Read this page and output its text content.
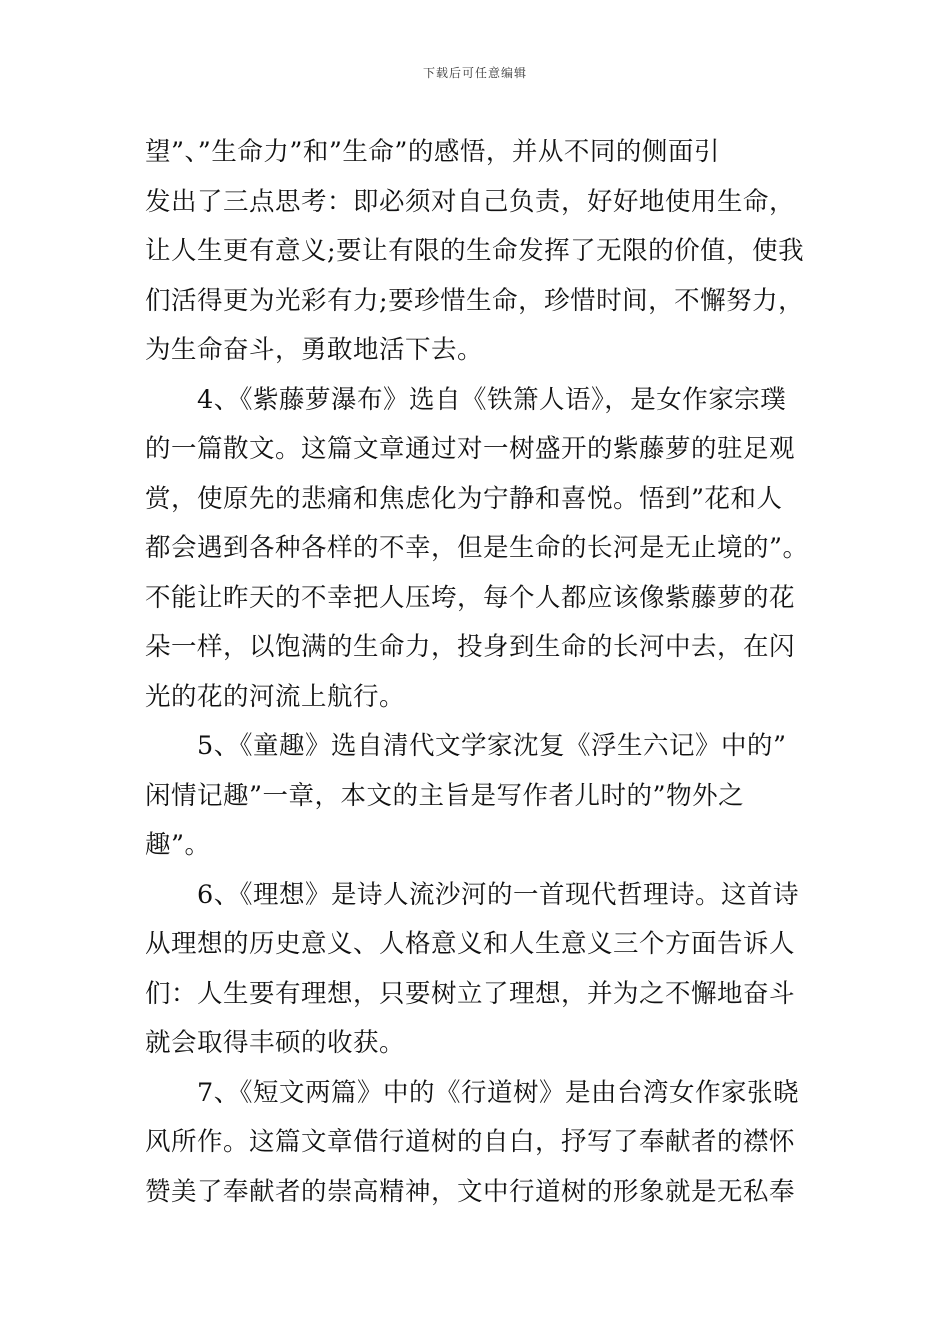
下载后可任意编辑
望”、”生命力”和”生命”的感悟，并从不同的侧面引
发出了三点思考：即必须对自己负责，好好地使用生命，
让人生更有意义;要让有限的生命发挥了无限的价值，使我
们活得更为光彩有力;要珍惜生命，珍惜时间，不懈努力，
为生命奋斗，勇敢地活下去。
4、《紫藤萝瀑布》选自《铁箫人语》，是女作家宗璞
的一篇散文。这篇文章通过对一树盛开的紫藤萝的驻足观
赏，使原先的悲痛和焦虑化为宁静和喜悦。悟到”花和人
都会遇到各种各样的不幸，但是生命的长河是无止境的”。
不能让昨天的不幸把人压垮，每个人都应该像紫藤萝的花
朵一样，以饱满的生命力，投身到生命的长河中去，在闪
光的花的河流上航行。
5、《童趣》选自清代文学家沈复《浮生六记》中的”
闲情记趣”一章，本文的主旨是写作者儿时的”物外之
趣”。
6、《理想》是诗人流沙河的一首现代哲理诗。这首诗
从理想的历史意义、人格意义和人生意义三个方面告诉人
们：人生要有理想，只要树立了理想，并为之不懈地奋斗
就会取得丰硕的收获。
7、《短文两篇》中的《行道树》是由台湾女作家张晓
风所作。这篇文章借行道树的自白，抒写了奉献者的襟怀
赞美了奉献者的崇高精神，文中行道树的形象就是无私奉
